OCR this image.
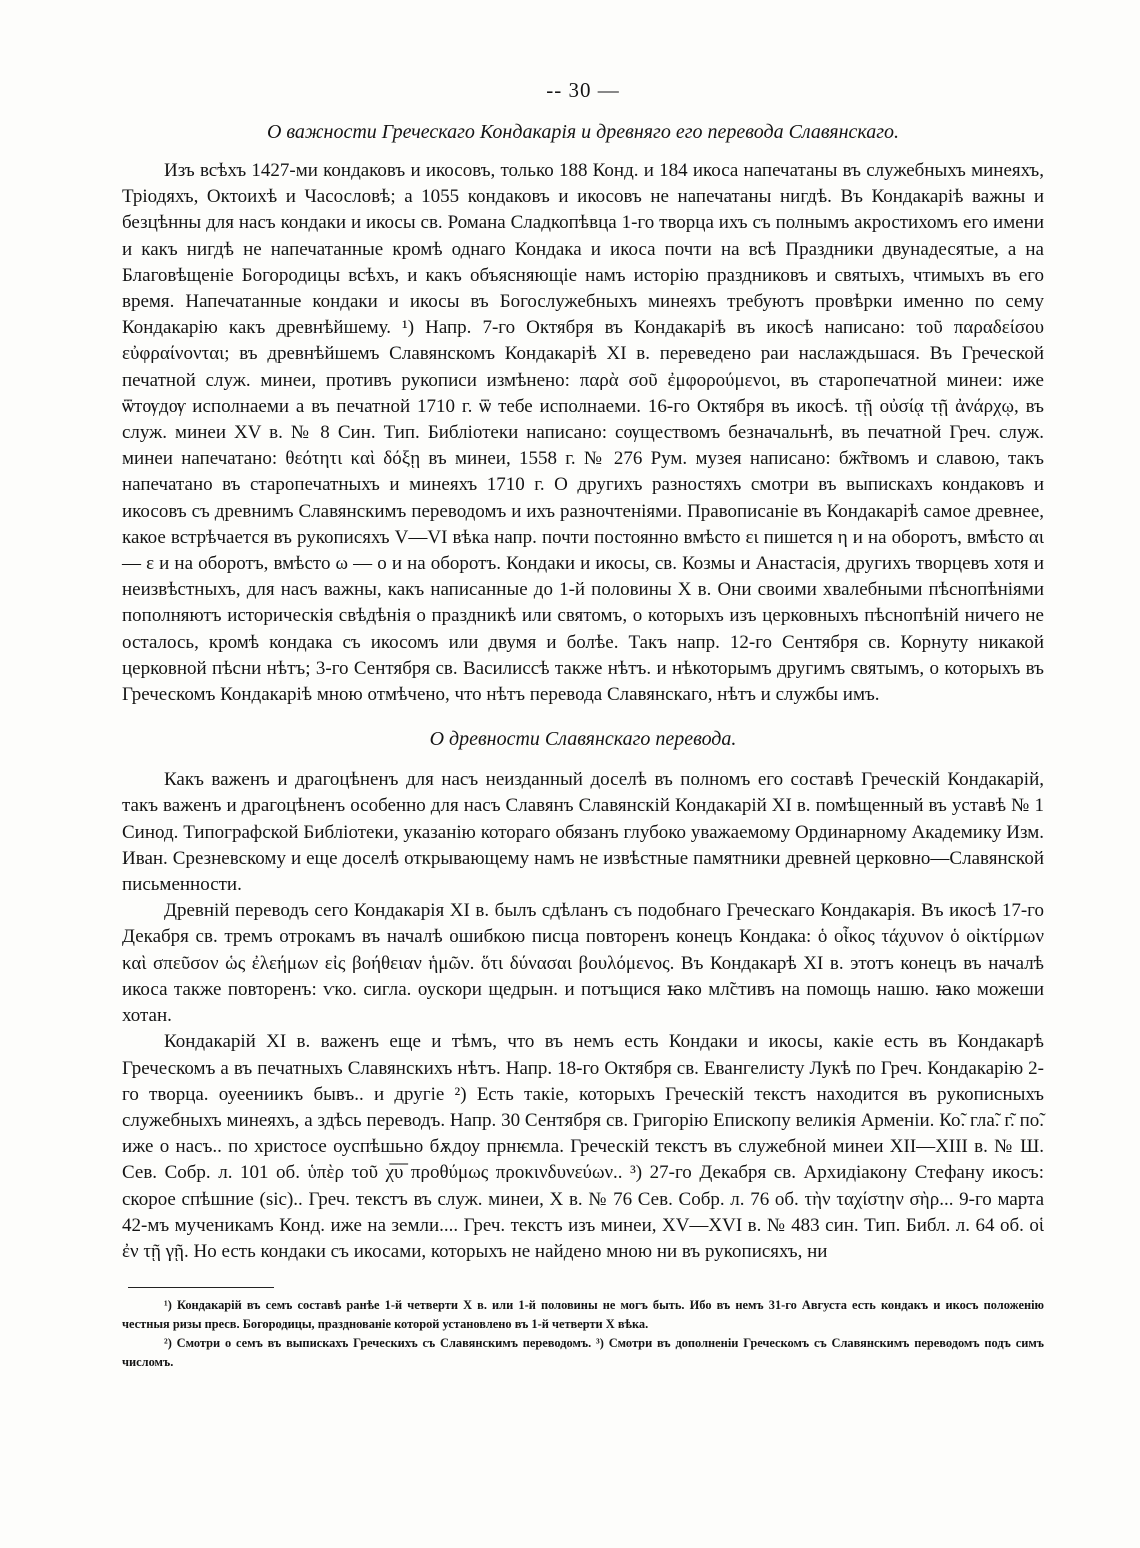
-- 30 —
О важности Греческаго Кондакарія и древняго его перевода Славянскаго.

Изъ всѣхъ 1427-ми кондаковъ и икосовъ, только 188 Конд. и 184 икоса напечатаны въ служебныхъ минеяхъ, Тріодяхъ, Октоихѣ и Часословѣ; а 1055 кондаковъ и икосовъ не напечатаны нигдѣ. Въ Кондакаріѣ важны и безцѣнны для насъ кондаки и икосы св. Романа Сладкопѣвца 1-го творца ихъ съ полнымъ акростихомъ его имени и какъ нигдѣ не напечатанные кромѣ однаго Кондака и икоса почти на всѣ Праздники двунадесятые, а на Благовѣщеніе Богородицы всѣхъ, и какъ объясняющіе намъ исторію праздниковъ и святыхъ, чтимыхъ въ его время. Напечатанные кондаки и икосы въ Богослужебныхъ минеяхъ требуютъ провѣрки именно по сему Кондакарію какъ древнѣйшему. ¹) Напр. 7-го Октября въ Кондакаріѣ въ икосѣ написано: τοῦ παραδείσου εὐφραίνονται; въ древнѣйшемъ Славянскомъ Кондакаріѣ XI в. переведено раи наслаждьшася. Въ Греческой печатной служ. минеи, противъ рукописи измѣнено: παρὰ σοῦ ἐμφορούμενοι, въ старопечатной минеи: иже ѿтѹдѹ исполнаеми а въ печатной 1710 г. ѿ тебе исполнаеми. 16-го Октября въ икосѣ. τῇ οὐσίᾳ τῇ ἀνάρχῳ, въ служ. минеи XV в. № 8 Син. Тип. Библіотеки написано: сѹществомъ безначальнѣ, въ печатной Греч. служ. минеи напечатано: θεότητι καὶ δόξῃ въ минеи, 1558 г. № 276 Рум. музея написано: бж̃твомъ и славою, такъ напечатано въ старопечатныхъ и минеяхъ 1710 г. О другихъ разностяхъ смотри въ выпискахъ кондаковъ и икосовъ съ древнимъ Славянскимъ переводомъ и ихъ разночтеніями. Правописаніе въ Кондакаріѣ самое древнее, какое встрѣчается въ рукописяхъ V—VI вѣка напр. почти постоянно вмѣсто ει пишется η и на оборотъ, вмѣсто αι — ε и на оборотъ, вмѣсто ω — ο и на оборотъ. Кондаки и икосы, св. Козмы и Анастасія, другихъ творцевъ хотя и неизвѣстныхъ, для насъ важны, какъ написанные до 1-й половины X в. Они своими хвалебными пѣснопѣніями пополняютъ историческія свѣдѣнія о праздникѣ или святомъ, о которыхъ изъ церковныхъ пѣснопѣній ничего не осталось, кромѣ кондака съ икосомъ или двумя и болѣе. Такъ напр. 12-го Сентября св. Корнуту никакой церковной пѣсни нѣтъ; 3-го Сентября св. Василиссѣ также нѣтъ. и нѣкоторымъ другимъ святымъ, о которыхъ въ Греческомъ Кондакаріѣ мною отмѣчено, что нѣтъ перевода Славянскаго, нѣтъ и службы имъ.

О древности Славянскаго перевода.

Какъ важенъ и драгоцѣненъ для насъ неизданный доселѣ въ полномъ его составѣ Греческій Кондакарій, такъ важенъ и драгоцѣненъ особенно для насъ Славянъ Славянскій Кондакарій XI в. помѣщенный въ уставѣ № 1 Синод. Типографской Библіотеки, указанію котораго обязанъ глубоко уважаемому Ординарному Академику Изм. Иван. Срезневскому и еще доселѣ открывающему намъ не извѣстные памятники древней церковно—Славянской письменности.

Древній переводъ сего Кондакарія XI в. былъ сдѣланъ съ подобнаго Греческаго Кондакарія. Въ икосѣ 17-го Декабря св. тремъ отрокамъ въ началѣ ошибкою писца повторенъ конецъ Кондака: ὁ οἶκος τάχυνον ὁ οἰκτίρμων καὶ σπεῦσον ὡς ἐλεήμων εἰς βοήθειαν ἡμῶν. ὅτι δύνασαι βουλόμενος. Въ Кондакарѣ XI в. этотъ конецъ въ началѣ икоса также повторенъ: ѵко. сигла. оускори щедрын. и потъщися ꙗко мл̃стивъ на помощь нашю. ꙗко можеши хотан.

Кондакарій XI в. важенъ еще и тѣмъ, что въ немъ есть Кондаки и икосы, какіе есть въ Кондакарѣ Греческомъ а въ печатныхъ Славянскихъ нѣтъ. Напр. 18-го Октября св. Евангелисту Лукѣ по Греч. Кондакарію 2-го творца. оуеениикъ бывъ.. и другіе ²) Есть такіе, которыхъ Греческій текстъ находится въ рукописныхъ служебныхъ минеяхъ, а здѣсь переводъ. Напр. 30 Сентября св. Григорію Епископу великія Арменіи. Ко̃. гла̃. г̃. по̃. иже о насъ.. по христосе оуспѣшьно бѫдоу прнѥмла. Греческій текстъ въ служебной минеи XII—XIII в. № Ш. Сев. Собр. л. 101 об. ὑπὲρ τοῦ χ̅υ̅ προθύμως προκινδυνεύων.. ³) 27-го Декабря св. Архидіакону Стефану икосъ: скорое спѣшние (sic).. Греч. текстъ въ служ. минеи, X в. № 76 Сев. Собр. л. 76 об. τὴν ταχίστην σὴρ... 9-го марта 42-мъ мученикамъ Конд. иже на земли.... Греч. текстъ изъ минеи, XV—XVI в. № 483 син. Тип. Библ. л. 64 об. οἱ ἐν τῇ γῇ. Но есть кондаки съ икосами, которыхъ не найдено мною ни въ рукописяхъ, ни

¹) Кондакарій въ семъ составѣ ранѣе 1-й четверти X в. или 1-й половины не могъ быть. Ибо въ немъ 31-го Августа есть кондакъ и икосъ положенію честныя ризы пресв. Богородицы, празднованіе которой установлено въ 1-й четверти X вѣка.

²) Смотри о семъ въ выпискахъ Греческихъ съ Славянскимъ переводомъ. ³) Смотри въ дополненіи Греческомъ съ Славянскимъ переводомъ подъ симъ числомъ.
